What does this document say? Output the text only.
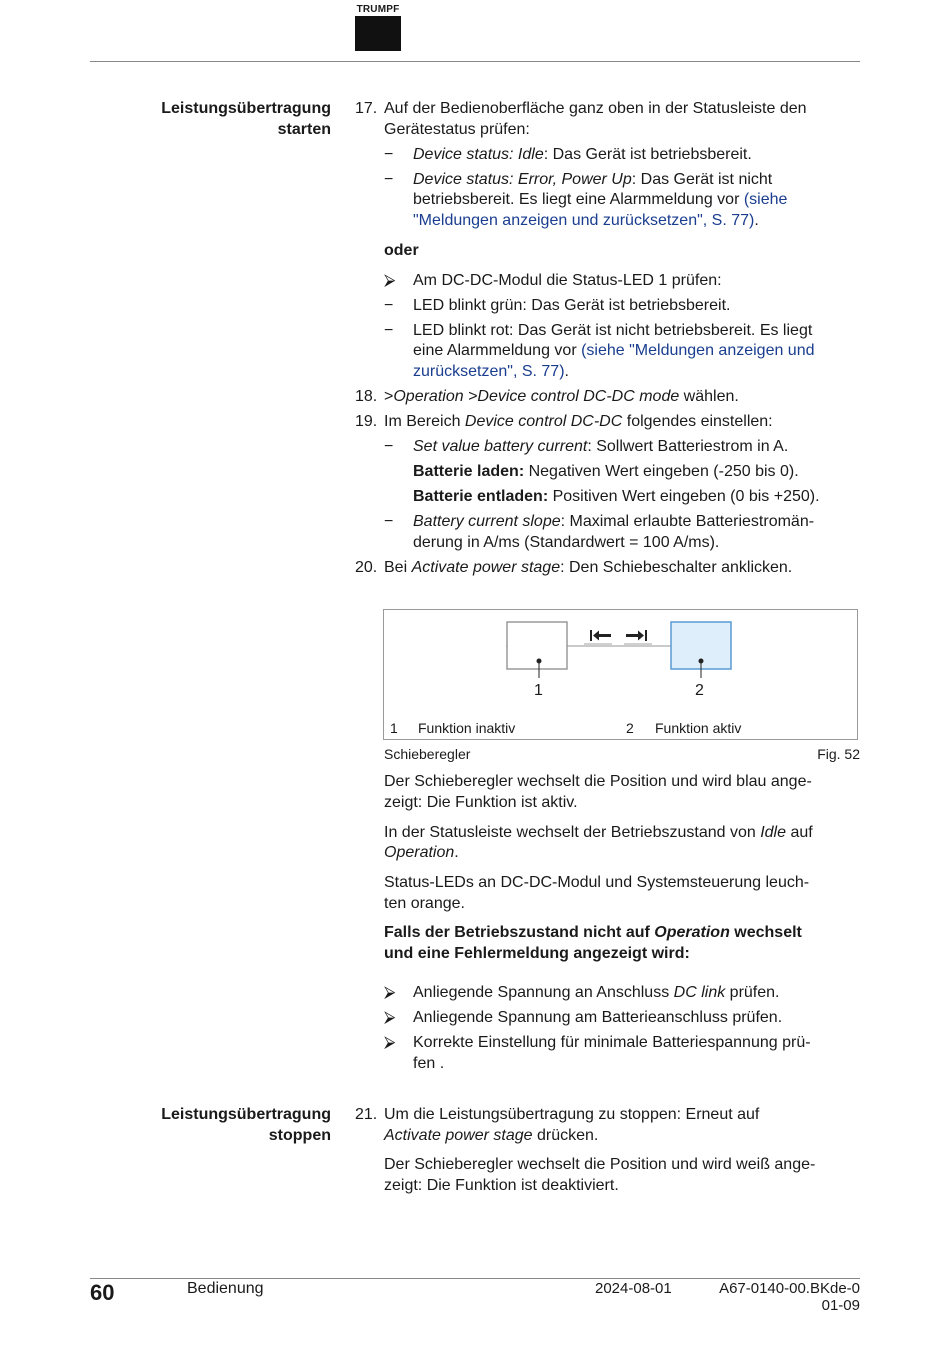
TRUMPF
Leistungsübertragung
starten
17. Auf der Bedienoberfläche ganz oben in der Statusleiste den
Gerätestatus prüfen:
− Device status: Idle: Das Gerät ist betriebsbereit.
− Device status: Error, Power Up: Das Gerät ist nicht
betriebsbereit. Es liegt eine Alarmmeldung vor (siehe
"Meldungen anzeigen und zurücksetzen", S. 77).
oder
⮚ Am DC-DC-Modul die Status-LED 1 prüfen:
− LED blinkt grün: Das Gerät ist betriebsbereit.
− LED blinkt rot: Das Gerät ist nicht betriebsbereit. Es liegt
eine Alarmmeldung vor (siehe "Meldungen anzeigen und
zurücksetzen", S. 77).
18. >Operation >Device control DC-DC mode wählen.
19. Im Bereich Device control DC-DC folgendes einstellen:
− Set value battery current: Sollwert Batteriestrom in A.
Batterie laden: Negativen Wert eingeben (-250 bis 0).
Batterie entladen: Positiven Wert eingeben (0 bis +250).
− Battery current slope: Maximal erlaubte Batteriestromän-
derung in A/ms (Standardwert = 100 A/ms).
20. Bei Activate power stage: Den Schiebeschalter anklicken.
1	2
1 Funktion inaktiv	2 Funktion aktiv
Schieberegler	Fig. 52
Der Schieberegler wechselt die Position und wird blau ange-
zeigt: Die Funktion ist aktiv.
In der Statusleiste wechselt der Betriebszustand von Idle auf
Operation.
Status-LEDs an DC-DC-Modul und Systemsteuerung leuch-
ten orange.
Falls der Betriebszustand nicht auf Operation wechselt
und eine Fehlermeldung angezeigt wird:
⮚ Anliegende Spannung an Anschluss DC link prüfen.
⮚ Anliegende Spannung am Batterieanschluss prüfen.
⮚ Korrekte Einstellung für minimale Batteriespannung prü-
fen .
Leistungsübertragung
stoppen
21. Um die Leistungsübertragung zu stoppen: Erneut auf
Activate power stage drücken.
Der Schieberegler wechselt die Position und wird weiß ange-
zeigt: Die Funktion ist deaktiviert.
60	Bedienung	2024-08-01	A67-0140-00.BKde-0
01-09
